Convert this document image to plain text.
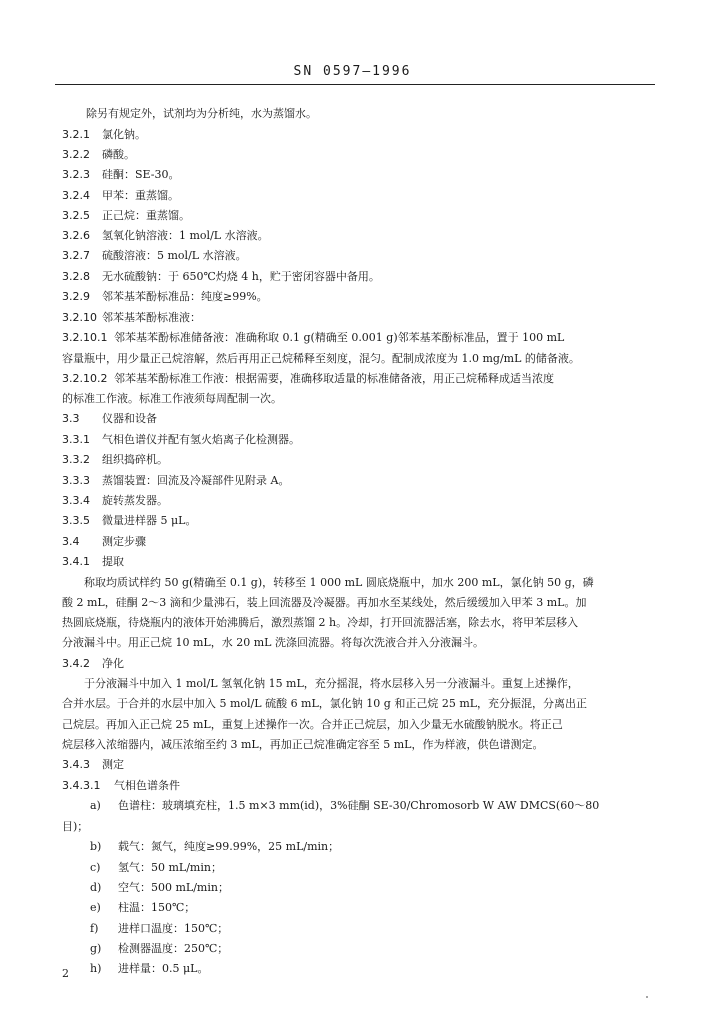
SN 0597—1996
除另有规定外，试剂均为分析纯，水为蒸馏水。
3.2.1 氯化钠。
3.2.2 磷酸。
3.2.3 硅酮：SE-30。
3.2.4 甲苯：重蒸馏。
3.2.5 正己烷：重蒸馏。
3.2.6 氢氧化钠溶液：1 mol/L 水溶液。
3.2.7 硫酸溶液：5 mol/L 水溶液。
3.2.8 无水硫酸钠：于 650℃灼烧 4 h，贮于密闭容器中备用。
3.2.9 邻苯基苯酚标准品：纯度≥99%。
3.2.10 邻苯基苯酚标准液：
3.2.10.1 邻苯基苯酚标准储备液：准确称取 0.1 g(精确至 0.001 g)邻苯基苯酚标准品，置于 100 mL
容量瓶中，用少量正己烷溶解，然后再用正己烷稀释至刻度，混匀。配制成浓度为 1.0 mg/mL 的储备液。
3.2.10.2 邻苯基苯酚标准工作液：根据需要，准确移取适量的标准储备液，用正己烷稀释成适当浓度
的标准工作液。标准工作液须每周配制一次。
3.3 仪器和设备
3.3.1 气相色谱仪并配有氢火焰离子化检测器。
3.3.2 组织捣碎机。
3.3.3 蒸馏装置：回流及冷凝部件见附录 A。
3.3.4 旋转蒸发器。
3.3.5 微量进样器 5 μL。
3.4 测定步骤
3.4.1 提取
　　称取均质试样约 50 g(精确至 0.1 g)，转移至 1 000 mL 圆底烧瓶中，加水 200 mL，氯化钠 50 g，磷
酸 2 mL，硅酮 2～3 滴和少量沸石，装上回流器及冷凝器。再加水至某线处，然后缓缓加入甲苯 3 mL。加
热圆底烧瓶，待烧瓶内的液体开始沸腾后，激烈蒸馏 2 h。冷却，打开回流器活塞，除去水，将甲苯层移入
分液漏斗中。用正己烷 10 mL，水 20 mL 洗涤回流器。将每次洗液合并入分液漏斗。
3.4.2 净化
　　于分液漏斗中加入 1 mol/L 氢氧化钠 15 mL，充分摇混，将水层移入另一分液漏斗。重复上述操作，
合并水层。于合并的水层中加入 5 mol/L 硫酸 6 mL，氯化钠 10 g 和正己烷 25 mL，充分振混，分离出正
己烷层。再加入正己烷 25 mL，重复上述操作一次。合并正己烷层，加入少量无水硫酸钠脱水。将正己
烷层移入浓缩器内，减压浓缩至约 3 mL，再加正己烷准确定容至 5 mL，作为样液，供色谱测定。
3.4.3 测定
3.4.3.1 气相色谱条件
a) 色谱柱：玻璃填充柱，1.5 m×3 mm(id)，3%硅酮 SE-30/Chromosorb W AW DMCS(60～80
目)；
b) 载气：氮气，纯度≥99.99%，25 mL/min；
c) 氢气：50 mL/min；
d) 空气：500 mL/min；
e) 柱温：150℃；
f) 进样口温度：150℃；
g) 检测器温度：250℃；
h) 进样量：0.5 μL。
2
